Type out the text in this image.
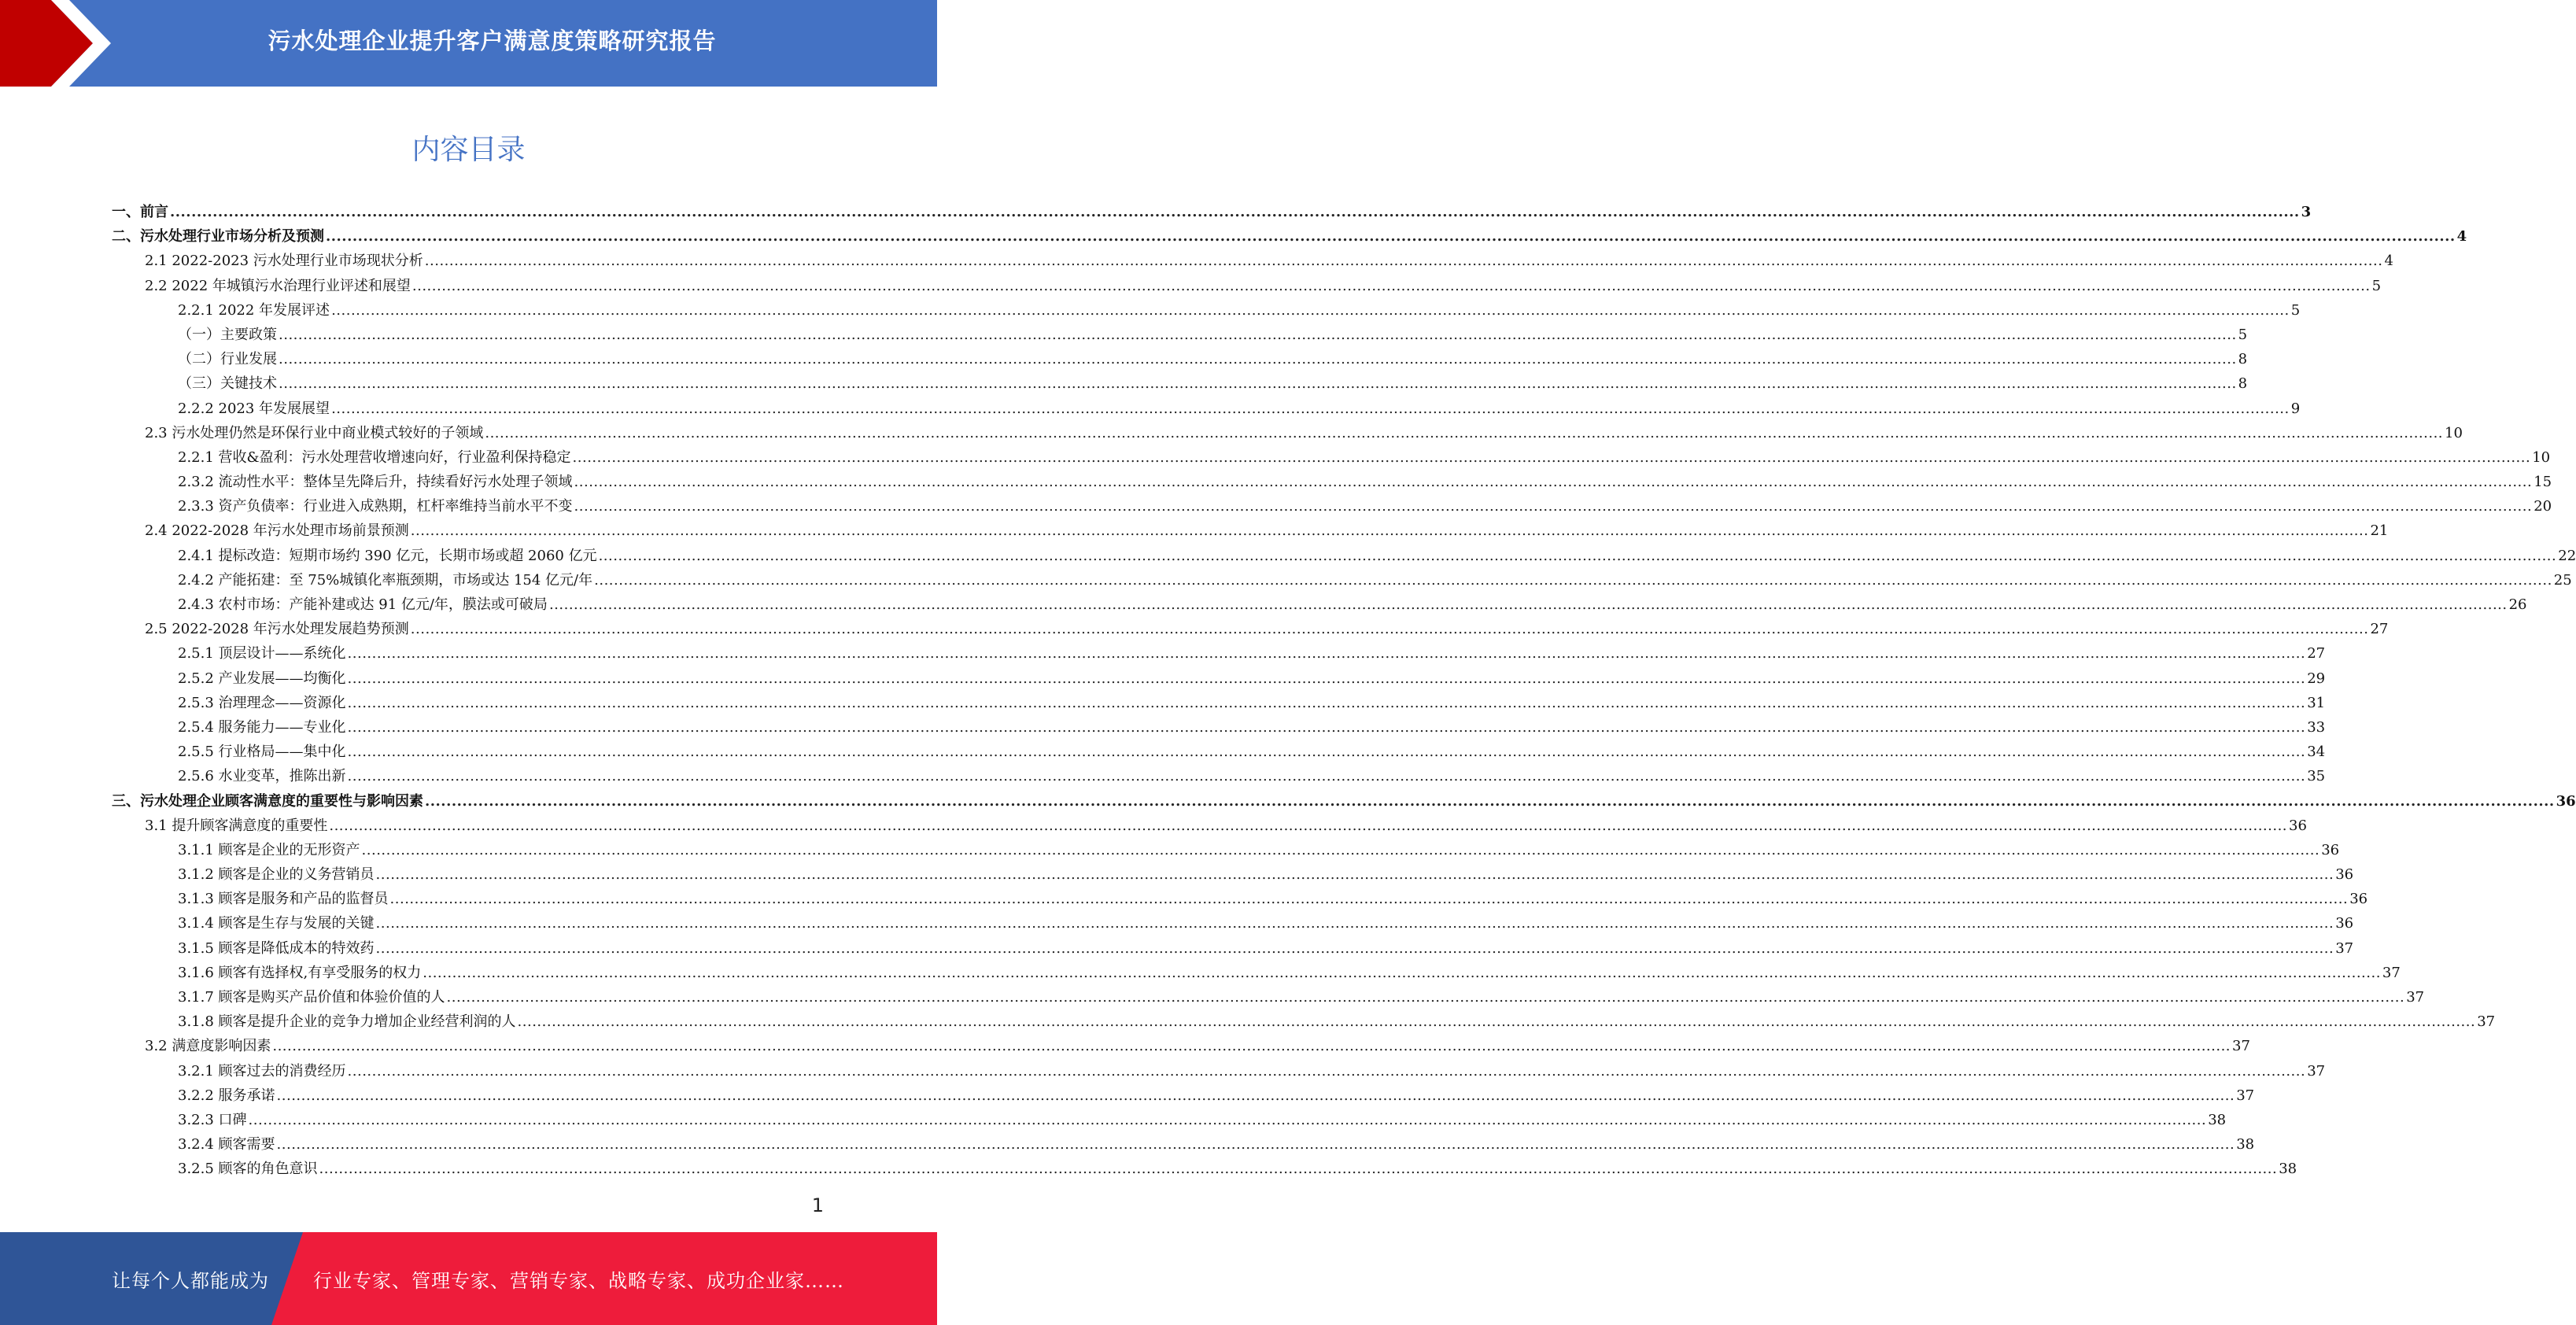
污水处理企业提升客户满意度策略研究报告
内容目录
一、前言 ................................................................................................................................................................................................................................................................................................................................................................................................................ 3
二、污水处理行业市场分析及预测 ................................................................................................................................................................................................................................................................................................................................................................................................................ 4
2.1 2022-2023 污水处理行业市场现状分析 ................................................................................................................................................................................................................................................................................................................................................................................................................ 4
2.2 2022 年城镇污水治理行业评述和展望 ................................................................................................................................................................................................................................................................................................................................................................................................................ 5
2.2.1 2022 年发展评述 ................................................................................................................................................................................................................................................................................................................................................................................................................ 5
（一）主要政策 ................................................................................................................................................................................................................................................................................................................................................................................................................ 5
（二）行业发展 ................................................................................................................................................................................................................................................................................................................................................................................................................ 8
（三）关键技术 ................................................................................................................................................................................................................................................................................................................................................................................................................ 8
2.2.2 2023 年发展展望 ................................................................................................................................................................................................................................................................................................................................................................................................................ 9
2.3 污水处理仍然是环保行业中商业模式较好的子领域 ................................................................................................................................................................................................................................................................................................................................................................................................................ 10
2.2.1 营收&盈利：污水处理营收增速向好，行业盈利保持稳定 ................................................................................................................................................................................................................................................................................................................................................................................................................ 10
2.3.2 流动性水平：整体呈先降后升，持续看好污水处理子领域 ................................................................................................................................................................................................................................................................................................................................................................................................................ 15
2.3.3 资产负债率：行业进入成熟期，杠杆率维持当前水平不变 ................................................................................................................................................................................................................................................................................................................................................................................................................ 20
2.4 2022-2028 年污水处理市场前景预测 ................................................................................................................................................................................................................................................................................................................................................................................................................ 21
2.4.1 提标改造：短期市场约 390 亿元，长期市场或超 2060 亿元 ................................................................................................................................................................................................................................................................................................................................................................................................................ 22
2.4.2 产能拓建：至 75%城镇化率瓶颈期，市场或达 154 亿元/年 ................................................................................................................................................................................................................................................................................................................................................................................................................ 25
2.4.3 农村市场：产能补建或达 91 亿元/年，膜法或可破局 ................................................................................................................................................................................................................................................................................................................................................................................................................ 26
2.5 2022-2028 年污水处理发展趋势预测 ................................................................................................................................................................................................................................................................................................................................................................................................................ 27
2.5.1 顶层设计——系统化 ................................................................................................................................................................................................................................................................................................................................................................................................................ 27
2.5.2 产业发展——均衡化 ................................................................................................................................................................................................................................................................................................................................................................................................................ 29
2.5.3 治理理念——资源化 ................................................................................................................................................................................................................................................................................................................................................................................................................ 31
2.5.4 服务能力——专业化 ................................................................................................................................................................................................................................................................................................................................................................................................................ 33
2.5.5 行业格局——集中化 ................................................................................................................................................................................................................................................................................................................................................................................................................ 34
2.5.6 水业变革，推陈出新 ................................................................................................................................................................................................................................................................................................................................................................................................................ 35
三、污水处理企业顾客满意度的重要性与影响因素 ................................................................................................................................................................................................................................................................................................................................................................................................................ 36
3.1 提升顾客满意度的重要性 ................................................................................................................................................................................................................................................................................................................................................................................................................ 36
3.1.1 顾客是企业的无形资产 ................................................................................................................................................................................................................................................................................................................................................................................................................ 36
3.1.2 顾客是企业的义务营销员 ................................................................................................................................................................................................................................................................................................................................................................................................................ 36
3.1.3 顾客是服务和产品的监督员 ................................................................................................................................................................................................................................................................................................................................................................................................................ 36
3.1.4 顾客是生存与发展的关键 ................................................................................................................................................................................................................................................................................................................................................................................................................ 36
3.1.5 顾客是降低成本的特效药 ................................................................................................................................................................................................................................................................................................................................................................................................................ 37
3.1.6 顾客有选择权,有享受服务的权力 ................................................................................................................................................................................................................................................................................................................................................................................................................ 37
3.1.7 顾客是购买产品价值和体验价值的人 ................................................................................................................................................................................................................................................................................................................................................................................................................ 37
3.1.8 顾客是提升企业的竞争力增加企业经营利润的人 ................................................................................................................................................................................................................................................................................................................................................................................................................ 37
3.2 满意度影响因素 ................................................................................................................................................................................................................................................................................................................................................................................................................ 37
3.2.1 顾客过去的消费经历 ................................................................................................................................................................................................................................................................................................................................................................................................................ 37
3.2.2 服务承诺 ................................................................................................................................................................................................................................................................................................................................................................................................................ 37
3.2.3 口碑 ................................................................................................................................................................................................................................................................................................................................................................................................................ 38
3.2.4 顾客需要 ................................................................................................................................................................................................................................................................................................................................................................................................................ 38
3.2.5 顾客的角色意识 ................................................................................................................................................................................................................................................................................................................................................................................................................ 38
1
让每个人都能成为 行业专家、管理专家、营销专家、战略专家、成功企业家……
